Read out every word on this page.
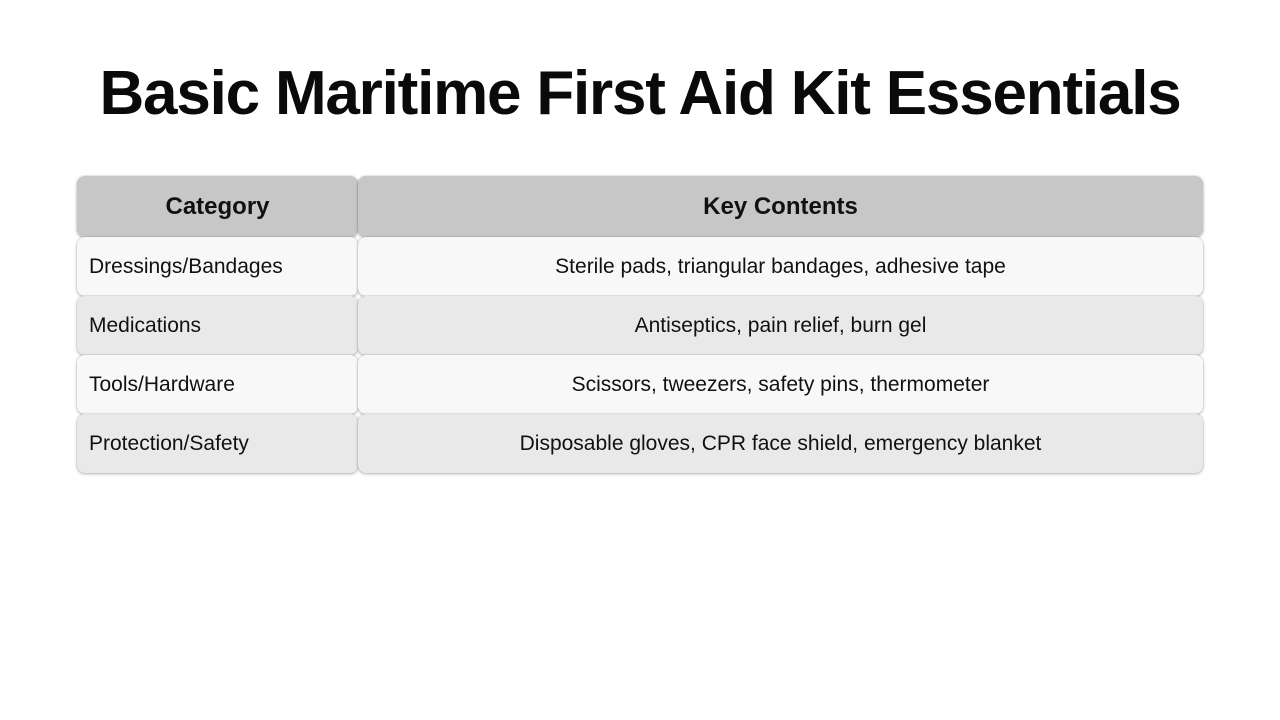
Basic Maritime First Aid Kit Essentials
Category	Key Contents
Dressings/Bandages	Sterile pads, triangular bandages, adhesive tape
Medications	Antiseptics, pain relief, burn gel
Tools/Hardware	Scissors, tweezers, safety pins, thermometer
Protection/Safety	Disposable gloves, CPR face shield, emergency blanket
